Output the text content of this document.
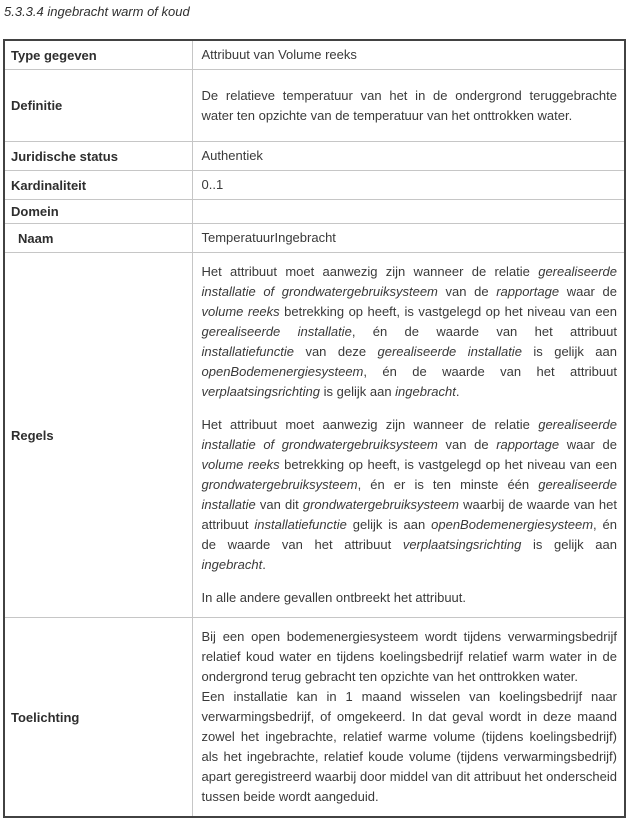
5.3.3.4 ingebracht warm of koud
Type gegeven	Attribuut van Volume reeks
Definitie	De relatieve temperatuur van het in de ondergrond teruggebrachte water ten opzichte van de temperatuur van het onttrokken water.
Juridische status	Authentiek
Kardinaliteit	0..1
Domein	
Naam	TemperatuurIngebracht
Regels	Het attribuut moet aanwezig zijn wanneer de relatie gerealiseerde installatie of grondwatergebruiksysteem van de rapportage waar de volume reeks betrekking op heeft, is vastgelegd op het niveau van een gerealiseerde installatie, én de waarde van het attribuut installatiefunctie van deze gerealiseerde installatie is gelijk aan openBodemenergiesysteem, én de waarde van het attribuut verplaatsingsrichting is gelijk aan ingebracht.

Het attribuut moet aanwezig zijn wanneer de relatie gerealiseerde installatie of grondwatergebruiksysteem van de rapportage waar de volume reeks betrekking op heeft, is vastgelegd op het niveau van een grondwatergebruiksysteem, én er is ten minste één gerealiseerde installatie van dit grondwatergebruiksysteem waarbij de waarde van het attribuut installatiefunctie gelijk is aan openBodemenergiesysteem, én de waarde van het attribuut verplaatsingsrichting is gelijk aan ingebracht.

In alle andere gevallen ontbreekt het attribuut.

Toelichting	Bij een open bodemenergiesysteem wordt tijdens verwarmingsbedrijf relatief koud water en tijdens koelingsbedrijf relatief warm water in de ondergrond terug gebracht ten opzichte van het onttrokken water.

Een installatie kan in 1 maand wisselen van koelingsbedrijf naar verwarmingsbedrijf, of omgekeerd. In dat geval wordt in deze maand zowel het ingebrachte, relatief warme volume (tijdens koelingsbedrijf) als het ingebrachte, relatief koude volume (tijdens verwarmingsbedrijf) apart geregistreerd waarbij door middel van dit attribuut het onderscheid tussen beide wordt aangeduid.
